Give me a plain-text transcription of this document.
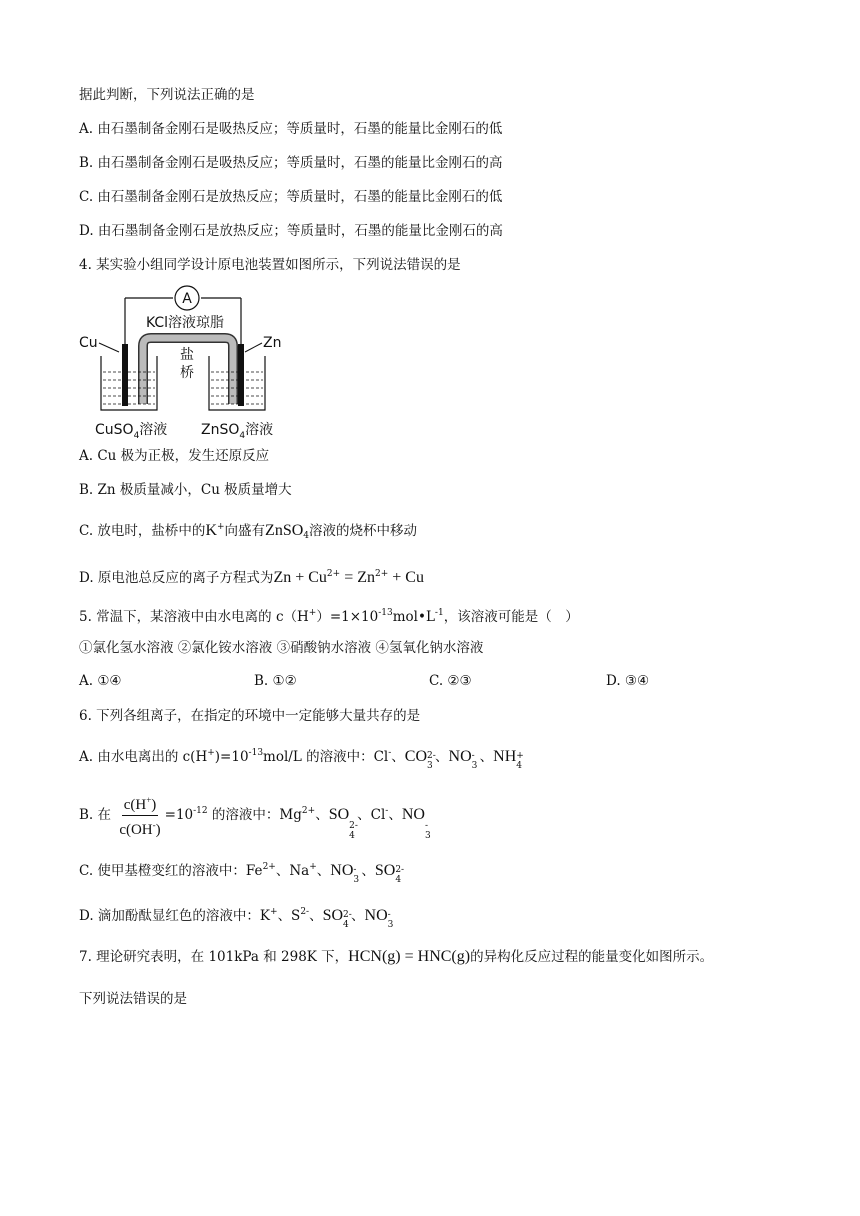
据此判断，下列说法正确的是
A. 由石墨制备金刚石是吸热反应；等质量时，石墨的能量比金刚石的低
B. 由石墨制备金刚石是吸热反应；等质量时，石墨的能量比金刚石的高
C. 由石墨制备金刚石是放热反应；等质量时，石墨的能量比金刚石的低
D. 由石墨制备金刚石是放热反应；等质量时，石墨的能量比金刚石的高
4. 某实验小组同学设计原电池装置如图所示，下列说法错误的是
A
KCl溶液琼脂
盐
桥
Cu	Zn
CuSO$_4$溶液 ZnSO$_4$溶液
A. Cu 极为正极，发生还原反应
B. Zn 极质量减小，Cu 极质量增大
C. 放电时，盐桥中的K+向盛有ZnSO$_4$溶液的烧杯中移动
D. 原电池总反应的离子方程式为$Zn + Cu^{2+} = Zn^{2+} + Cu$
5. 常温下，某溶液中由水电离的 $c(H^+)=1\times 10^{-13}mol•L^{-1}$，该溶液可能是（　）
①氯化氢水溶液 ②氯化铵水溶液 ③硝酸钠水溶液 ④氢氧化钠水溶液
A. ①④	B. ①②	C. ②③	D. ③④
6. 下列各组离子，在指定的环境中一定能够大量共存的是
A. 由水电离出的 $c(H^+)=10^{-13}mol/L$ 的溶液中：Cl-、CO 2-
3
、NO -
3
、NH +
4
B. 在 $\frac{c(H^+)}{c(OH^-)} =10^{-12}$ 的溶液中：$Mg^{2+}$、SO
2-
4
、Cl-、NO
-
3
C. 使甲基橙变红的溶液中：$Fe^{2+}$、Na+、NO -
3
、SO 2-
4
D. 滴加酚酞显红色的溶液中：K+、$S^{2-}$、SO 2-
4
、NO -
3
7. 理论研究表明，在 101kPa 和 298K 下，HCN(g) = HNC(g)的异构化反应过程的能量变化如图所示。
下列说法错误的是
